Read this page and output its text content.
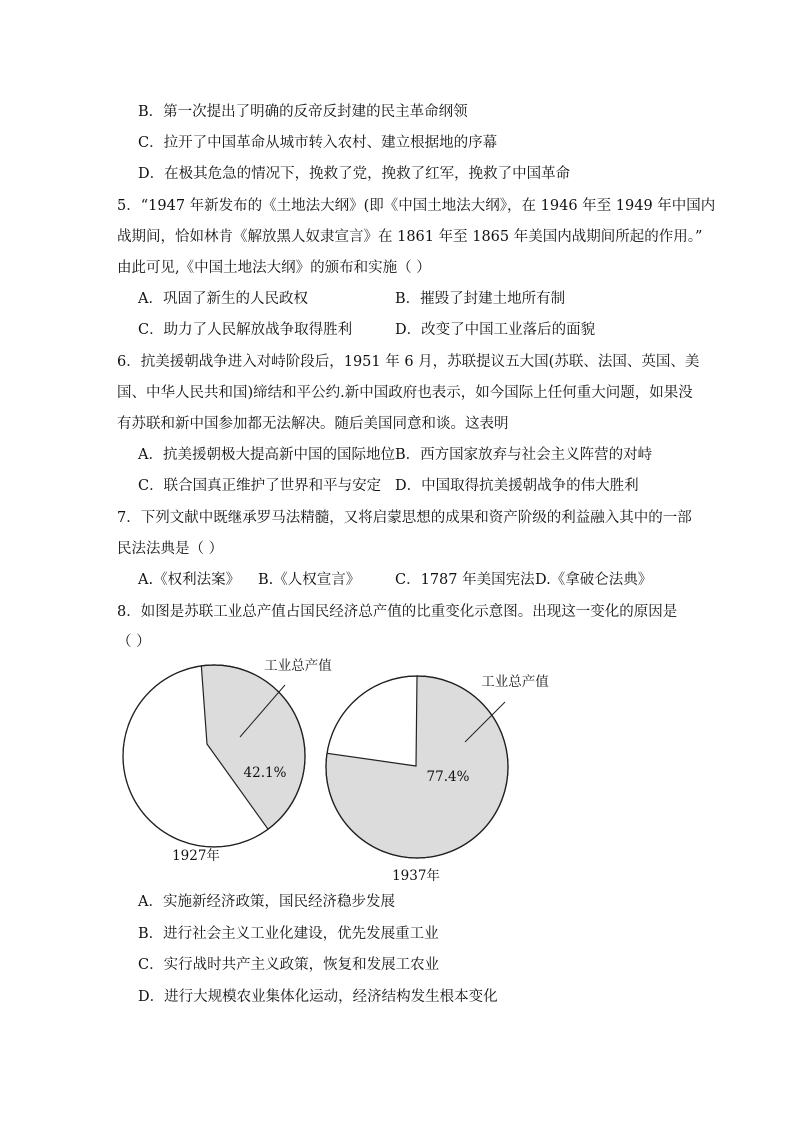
B．第一次提出了明确的反帝反封建的民主革命纲领
C．拉开了中国革命从城市转入农村、建立根据地的序幕
D．在极其危急的情况下，挽救了党，挽救了红军，挽救了中国革命
5．“1947 年新发布的《土地法大纲》(即《中国土地法大纲》，在 1946 年至 1949 年中国内
战期间，恰如林肯《解放黑人奴隶宣言》在 1861 年至 1865 年美国内战期间所起的作用。”
由此可见,《中国土地法大纲》的颁布和实施（ ）
A．巩固了新生的人民政权	B．摧毁了封建土地所有制
C．助力了人民解放战争取得胜利	D．改变了中国工业落后的面貌
6．抗美援朝战争进入对峙阶段后，1951 年 6 月，苏联提议五大国(苏联、法国、英国、美
国、中华人民共和国)缔结和平公约.新中国政府也表示，如今国际上任何重大问题，如果没
有苏联和新中国参加都无法解决。随后美国同意和谈。这表明
A．抗美援朝极大提高新中国的国际地位 B．西方国家放弃与社会主义阵营的对峙
C．联合国真正维护了世界和平与安定 D．中国取得抗美援朝战争的伟大胜利
7．下列文献中既继承罗马法精髓，又将启蒙思想的成果和资产阶级的利益融入其中的一部
民法法典是（ ）
A.《权利法案》 B.《人权宣言》 C．1787 年美国宪法 D.《拿破仑法典》
8．如图是苏联工业总产值占国民经济总产值的比重变化示意图。出现这一变化的原因是
（ ）
工业总产值
42.1%
1927年
工业总产值
77.4%
1937年
A．实施新经济政策，国民经济稳步发展
B．进行社会主义工业化建设，优先发展重工业
C．实行战时共产主义政策，恢复和发展工农业
D．进行大规模农业集体化运动，经济结构发生根本变化
